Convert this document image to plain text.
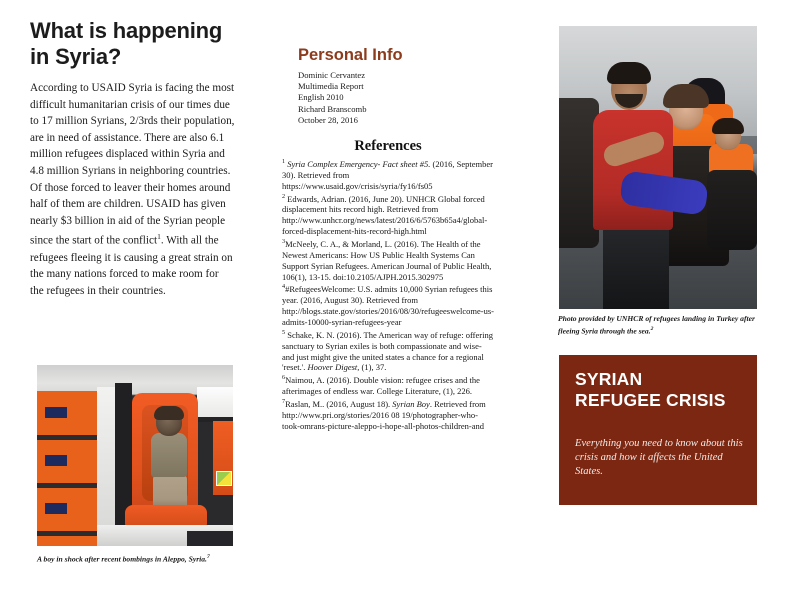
What is happening in Syria?
According to USAID Syria is facing the most difficult humanitarian crisis of our times due to 17 million Syrians, 2/3rds their population, are in need of assistance. There are also 6.1 million refugees displaced within Syria and 4.8 million Syrians in neighboring countries. Of those forced to leaver their homes around half of them are children. USAID has given nearly $3 billion in aid of the Syrian people since the start of the conflict$^1$. With all the refugees fleeing it is causing a great strain on the many nations forced to make room for the refugees in their countries.
First Aid
A boy in shock after recent bombings in Aleppo, Syria.$^7$
Personal Info
Dominic Cervantez
Multimedia Report
English 2010
Richard Branscomb
October 28, 2016
References

$^1$ Syria Complex Emergency- Fact sheet #5. (2016, September 30). Retrieved from https://www.usaid.gov/crisis/syria/fy16/fs05

$^2$ Edwards, Adrian. (2016, June 20). UNHCR Global forced displacement hits record high. Retrieved from http://www.unhcr.org/news/latest/2016/6/5763b65a4/global-forced-displacement-hits-record-high.html

$^3$McNeely, C. A., & Morland, L. (2016). The Health of the Newest Americans: How US Public Health Systems Can Support Syrian Refugees. American Journal of Public Health, 106(1), 13-15. doi:10.2105/AJPH.2015.302975

$^4$#RefugeesWelcome: U.S. admits 10,000 Syrian refugees this year. (2016, August 30). Retrieved from http://blogs.state.gov/stories/2016/08/30/refugeeswelcome-us-admits-10000-syrian-refugees-year

$^5$ Schake, K. N. (2016). The American way of refuge: offering sanctuary to Syrian exiles is both compassionate and wise- and just might give the united states a chance for a regional 'reset.'. Hoover Digest, (1), 37.

$^6$Naimou, A. (2016). Double vision: refugee crises and the afterimages of endless war. College Literature, (1), 226.

$^7$Raslan, M.. (2016, August 18). Syrian Boy. Retrieved from http://www.pri.org/stories/2016 08 19/photographer-who-took-omrans-picture-aleppo-i-hope-all-photos-children-and

Photo provided by UNHCR of refugees landing in Turkey after fleeing Syria through the sea.$^2$
SYRIAN
REFUGEE CRISIS
Everything you need to know about this crisis and how it affects the United States.
